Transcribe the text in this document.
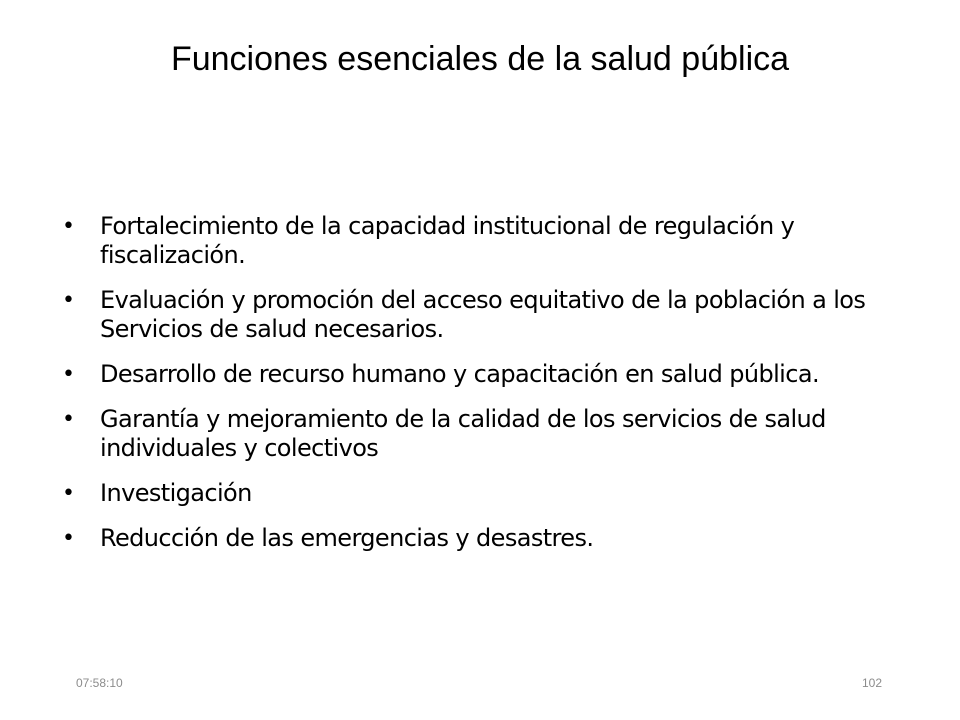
Funciones esenciales de la salud pública
• Fortalecimiento de la capacidad institucional de regulación y fiscalización.
• Evaluación y promoción del acceso equitativo de la población a los Servicios de salud necesarios.
• Desarrollo de recurso humano y capacitación en salud pública.
• Garantía y mejoramiento de la calidad de los servicios de salud individuales y colectivos
• Investigación
• Reducción de las emergencias y desastres.
07:58:10	102
